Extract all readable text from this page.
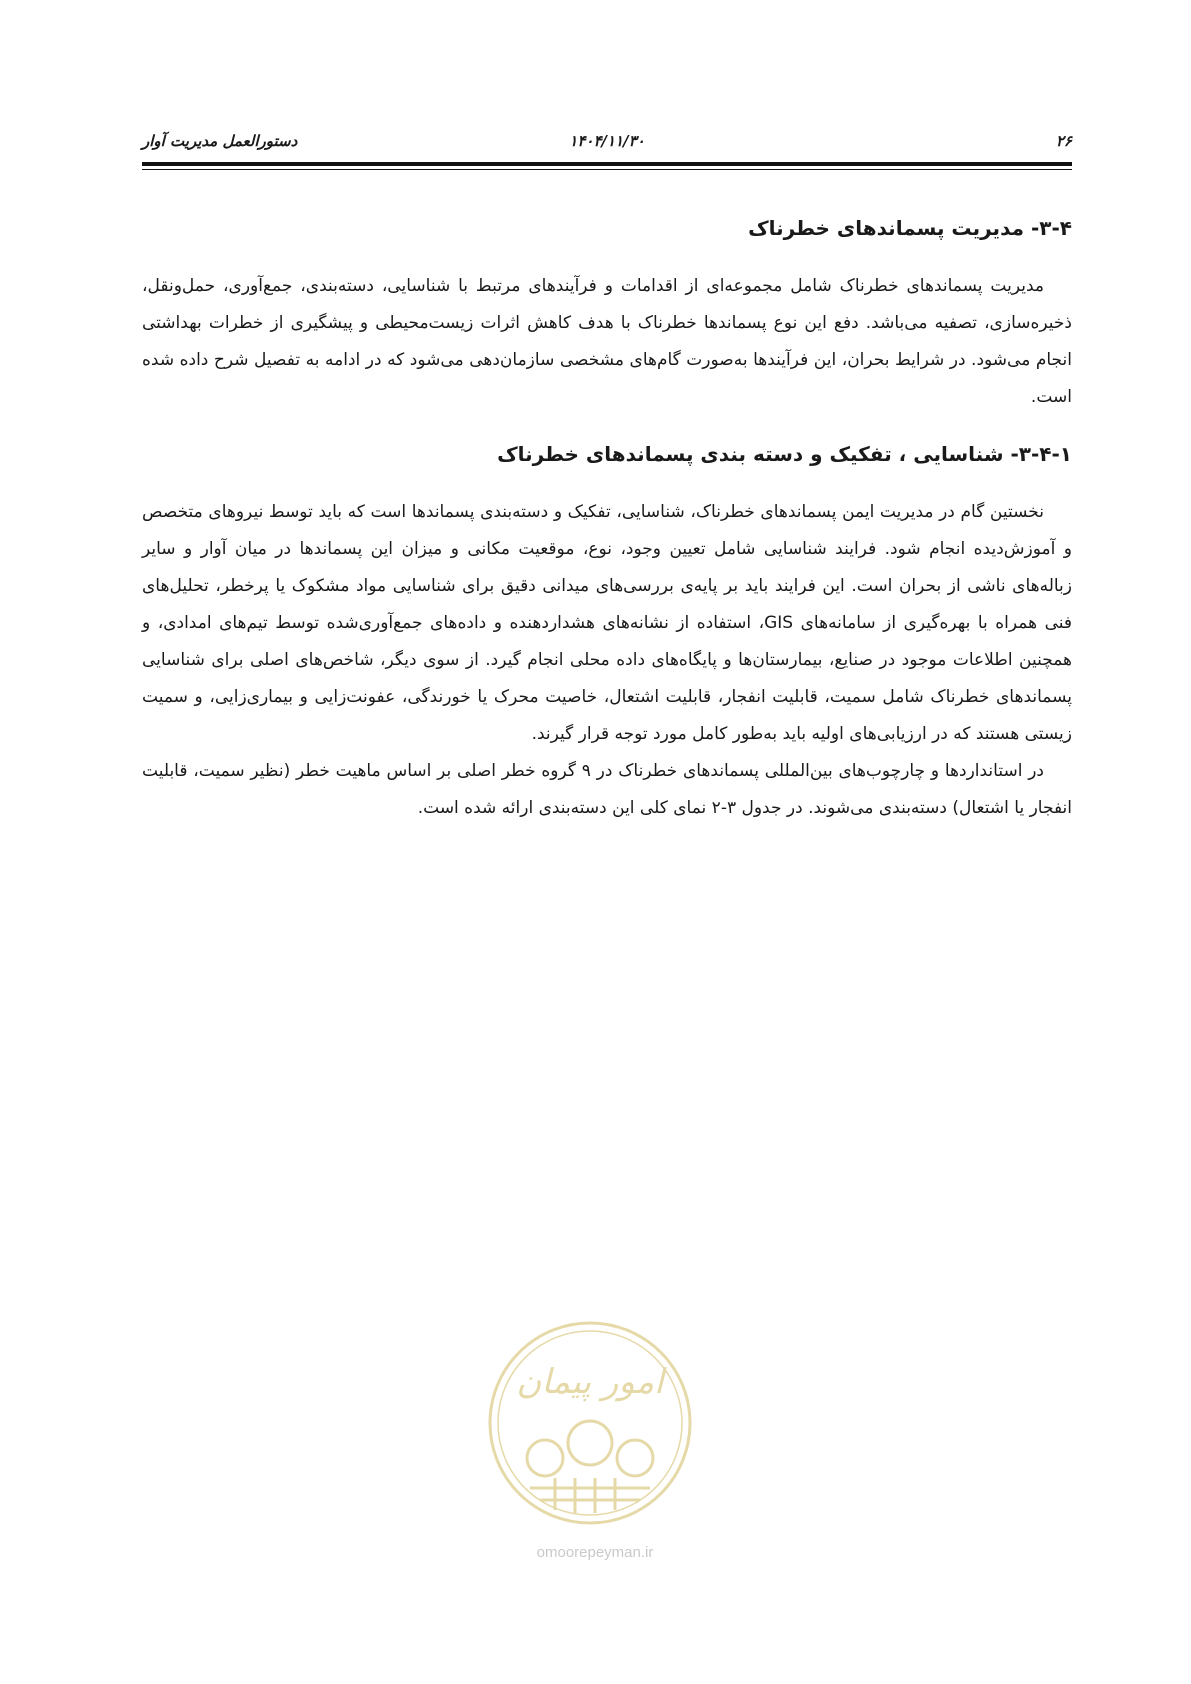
۲۶
۱۴۰۴/۱۱/۳۰
دستورالعمل مدیریت آوار
۳-۴- مدیریت پسماندهای خطرناک

مدیریت پسماندهای خطرناک شامل مجموعه‌ای از اقدامات و فرآیندهای مرتبط با شناسایی، دسته‌بندی، جمع‌آوری، حمل‌ونقل، ذخیره‌سازی، تصفیه می‌باشد. دفع این نوع پسماندها خطرناک با هدف کاهش اثرات زیست‌محیطی و پیشگیری از خطرات بهداشتی انجام می‌شود. در شرایط بحران، این فرآیندها به‌صورت گام‌های مشخصی سازمان‌دهی می‌شود که در ادامه به تفصیل شرح داده شده است.

۳-۴-۱- شناسایی ، تفکیک و دسته بندی پسماندهای خطرناک

نخستین گام در مدیریت ایمن پسماندهای خطرناک، شناسایی، تفکیک و دسته‌بندی پسماندها است که باید توسط نیروهای متخصص و آموزش‌دیده انجام شود. فرایند شناسایی شامل تعیین وجود، نوع، موقعیت مکانی و میزان این پسماندها در میان آوار و سایر زباله‌های ناشی از بحران است. این فرایند باید بر پایه‌ی بررسی‌های میدانی دقیق برای شناسایی مواد مشکوک یا پرخطر، تحلیل‌های فنی همراه با بهره‌گیری از سامانه‌های GIS، استفاده از نشانه‌های هشداردهنده و داده‌های جمع‌آوری‌شده توسط تیم‌های امدادی، و همچنین اطلاعات موجود در صنایع، بیمارستان‌ها و پایگاه‌های داده محلی انجام گیرد. از سوی دیگر، شاخص‌های اصلی برای شناسایی پسماندهای خطرناک شامل سمیت، قابلیت انفجار، قابلیت اشتعال، خاصیت محرک یا خورندگی، عفونت‌زایی و بیماری‌زایی، و سمیت زیستی هستند که در ارزیابی‌های اولیه باید به‌طور کامل مورد توجه قرار گیرند.

در استانداردها و چارچوب‌های بین‌المللی پسماندهای خطرناک در ۹ گروه خطر اصلی بر اساس ماهیت خطر (نظیر سمیت، قابلیت انفجار یا اشتعال) دسته‌بندی می‌شوند. در جدول ۳-۲ نمای کلی این دسته‌بندی ارائه شده است.

امور پیمان
omoorepeyman.ir
